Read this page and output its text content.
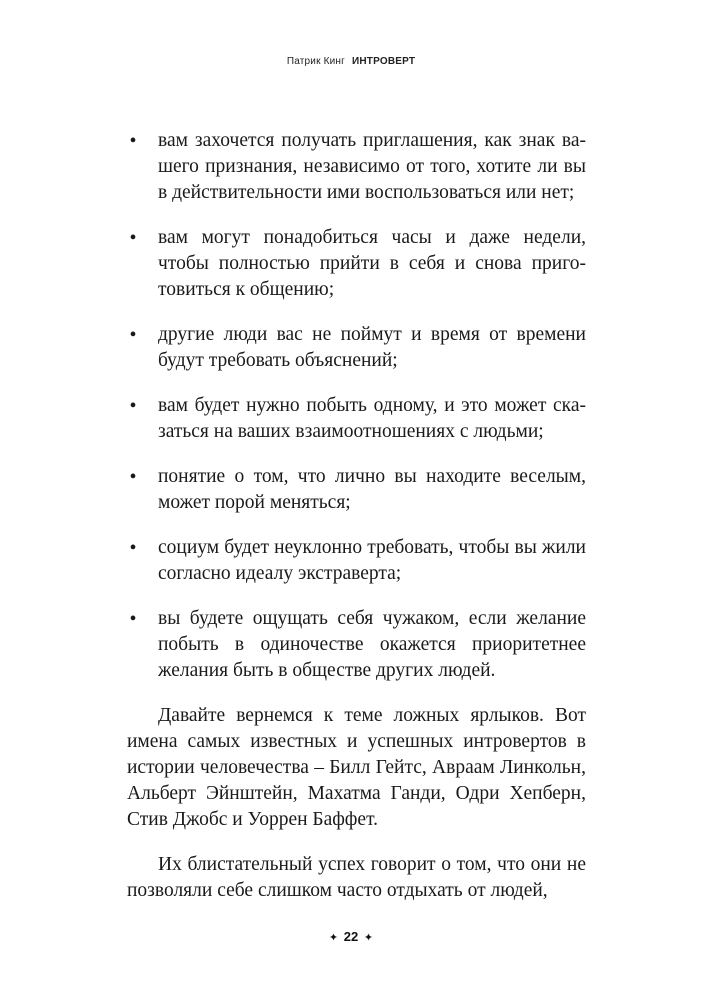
Патрик Кинг ИНТРОВЕРТ
• вам захочется получать приглашения, как знак вашего признания, независимо от того, хотите ли вы в действительности ими воспользоваться или нет;
• вам могут понадобиться часы и даже недели, чтобы полностью прийти в себя и снова приготовиться к общению;
• другие люди вас не поймут и время от времени будут требовать объяснений;
• вам будет нужно побыть одному, и это может сказаться на ваших взаимоотношениях с людьми;
• понятие о том, что лично вы находите веселым, может порой меняться;
• социум будет неуклонно требовать, чтобы вы жили согласно идеалу экстраверта;
• вы будете ощущать себя чужаком, если желание побыть в одиночестве окажется приоритетнее желания быть в обществе других людей.

Давайте вернемся к теме ложных ярлыков. Вот имена самых известных и успешных интровертов в истории человечества – Билл Гейтс, Авраам Линкольн, Альберт Эйнштейн, Махатма Ганди, Одри Хепберн, Стив Джобс и Уоррен Баффет.

Их блистательный успех говорит о том, что они не позволяли себе слишком часто отдыхать от людей,

✦ 22 ✦
